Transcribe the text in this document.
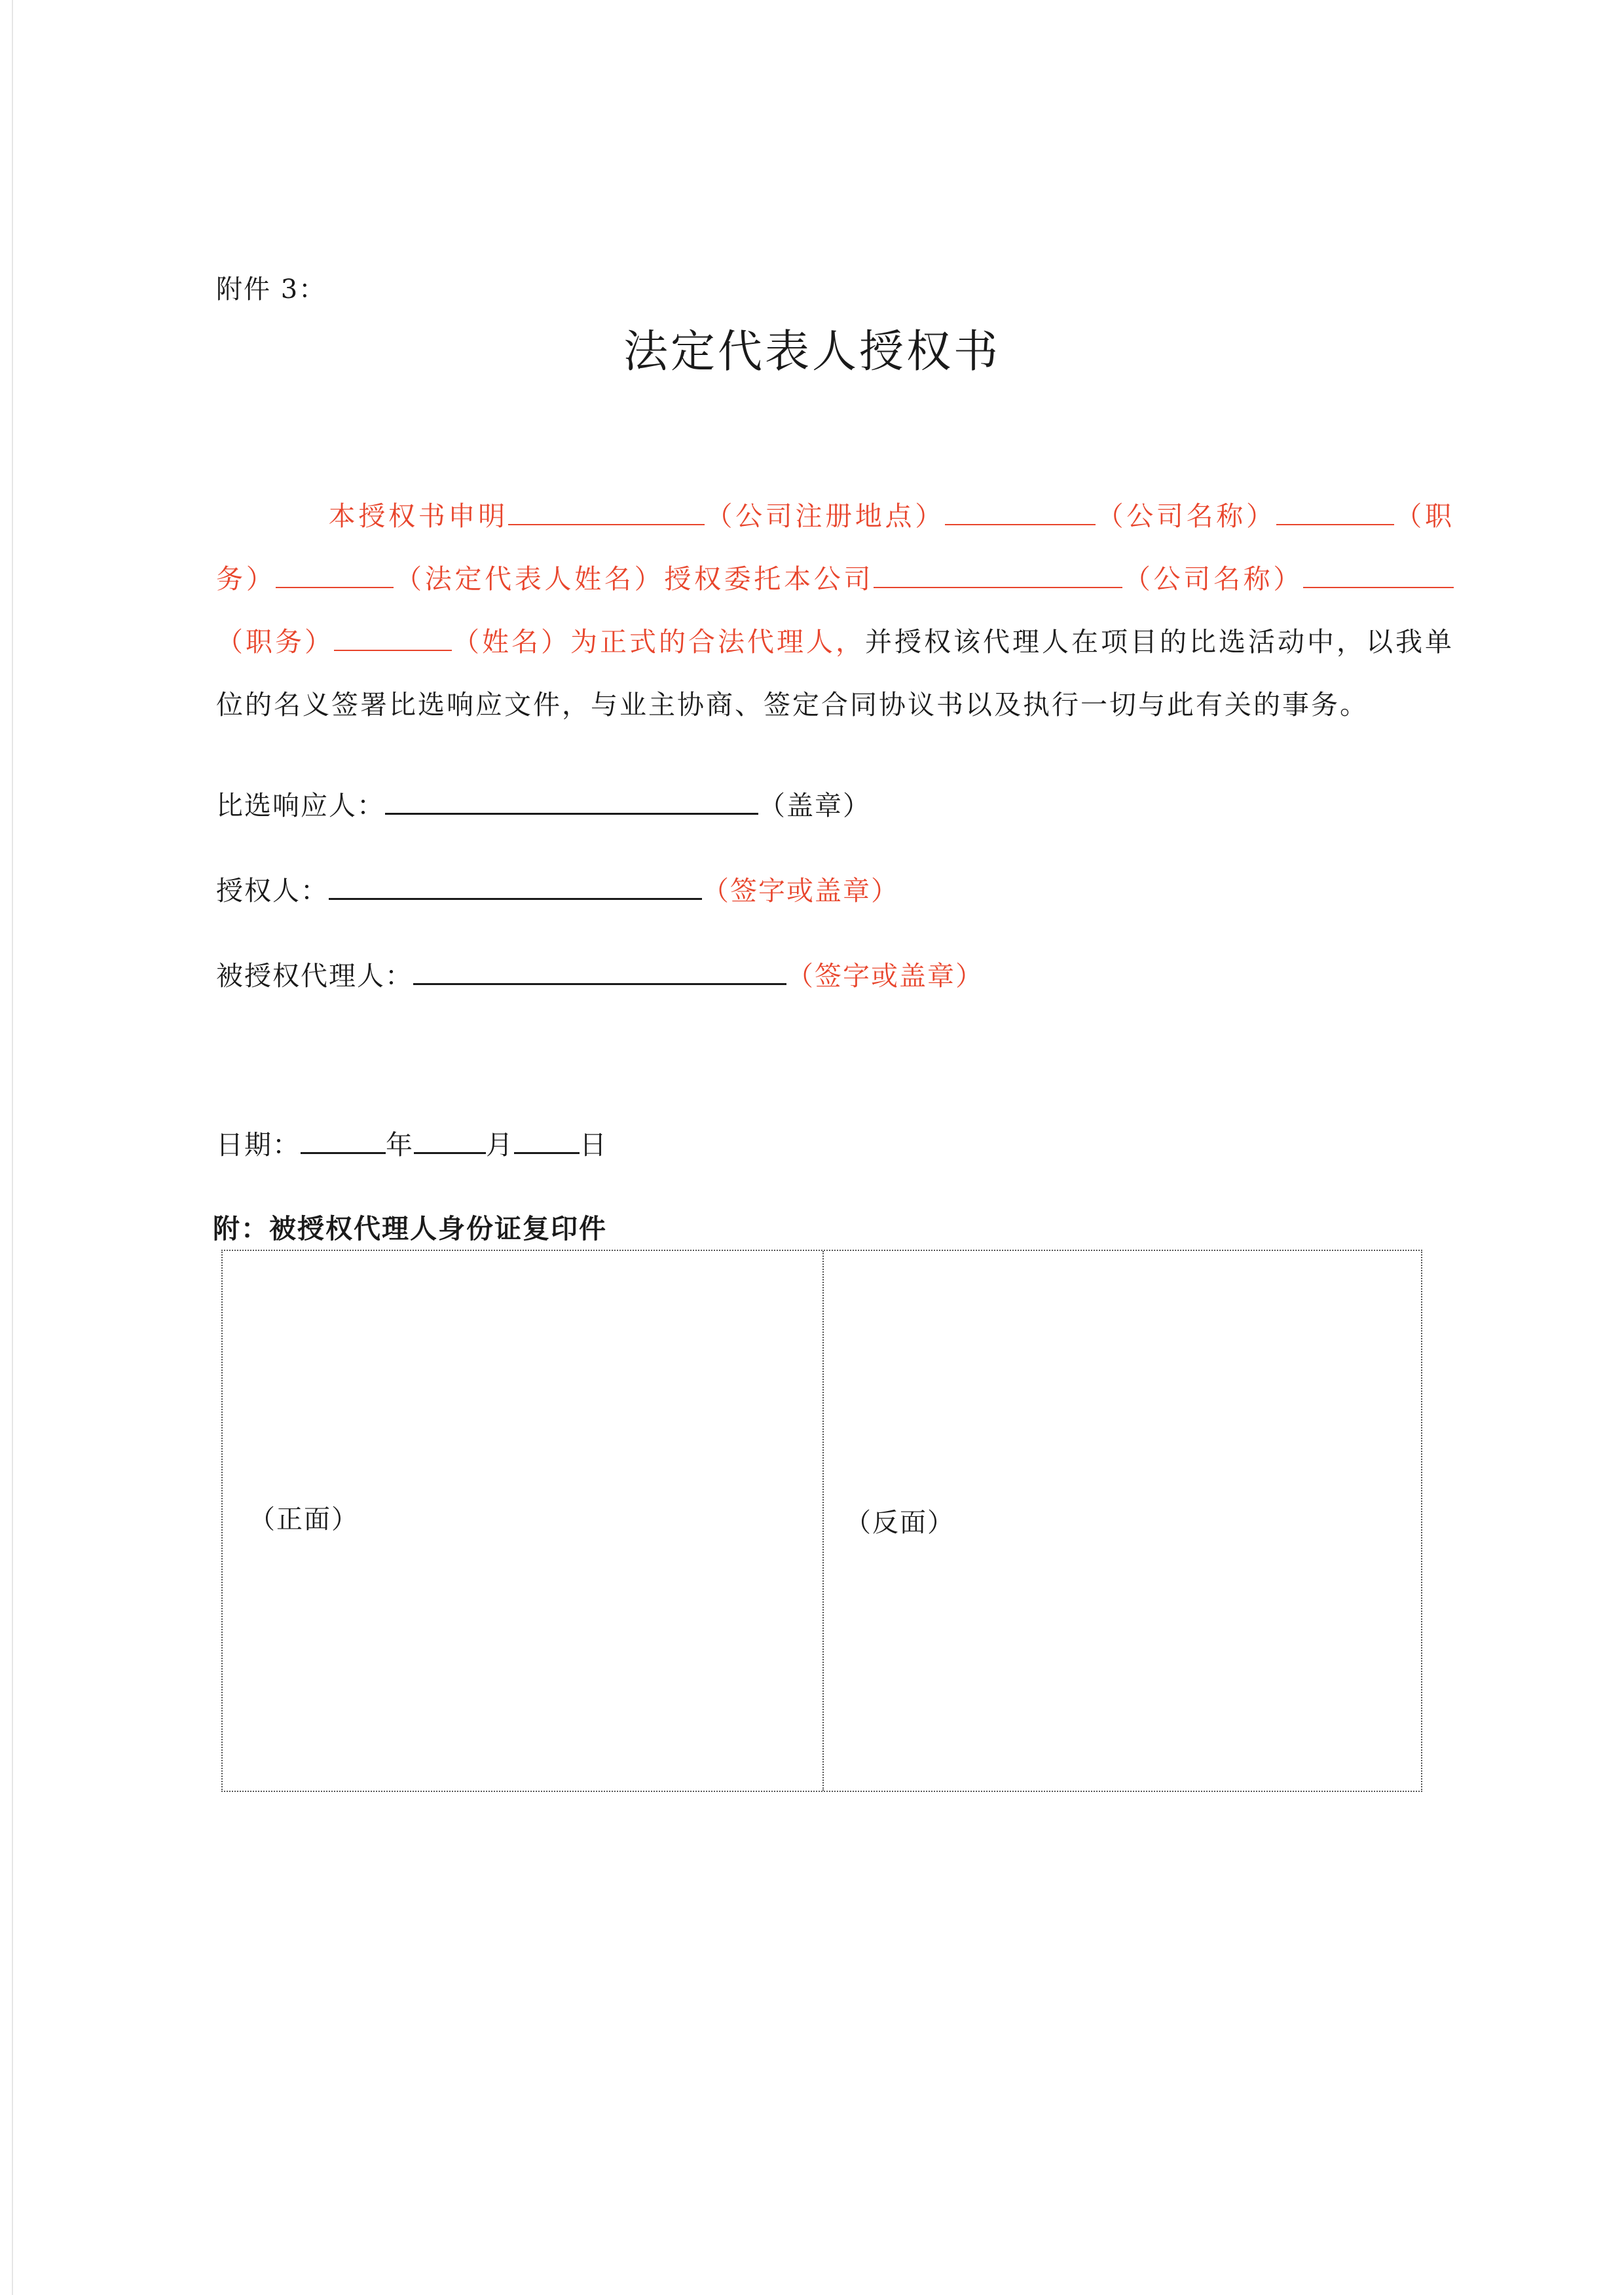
附件 3：
法定代表人授权书
本授权书申明	（公司注册地点）	（公司名称）	（职务）	（法定代表人姓名）授权委托本公司	（公司名称）（职务）	（姓名）为正式的合法代理人，并授权该代理人在项目的比选活动中，以我单位的名义签署比选响应文件，与业主协商、签定合同协议书以及执行一切与此有关的事务。
比选响应人：	（盖章）
授权人：	（签字或盖章）
被授权代理人：	（签字或盖章）
日期：	年	月 日
附：被授权代理人身份证复印件
（正面）	（反面）
